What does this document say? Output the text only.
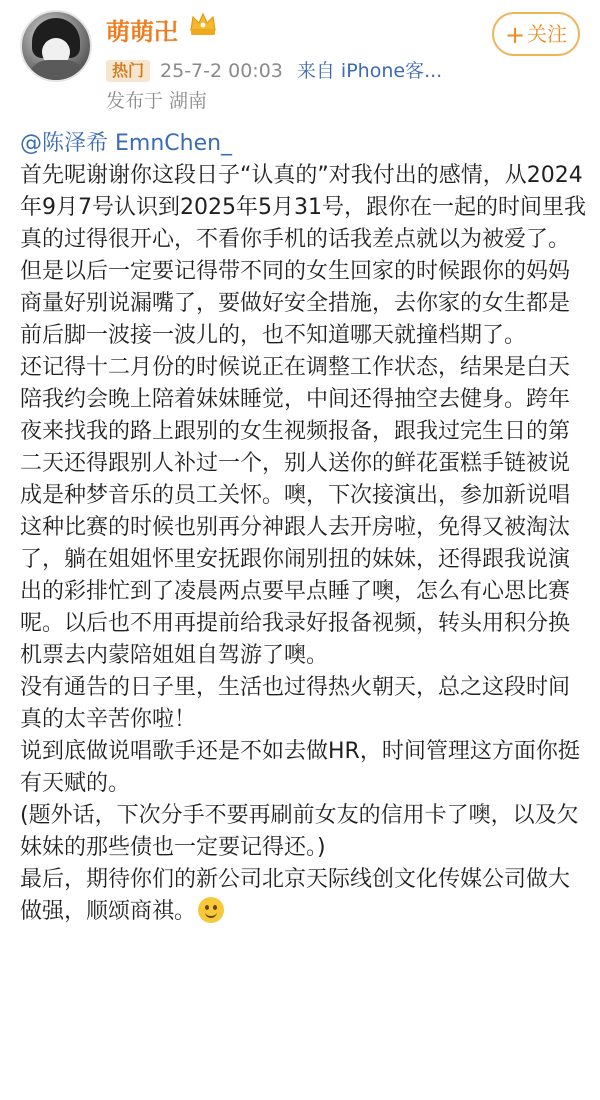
萌萌卍	+ 关注
热门 25-7-2 00:03 来自 iPhone客...
发布于 湖南

@陈泽希 EmnChen_

首先呢谢谢你这段日子“认真的”对我付出的感情，从2024年9月7号认识到2025年5月31号，跟你在一起的时间里我真的过得很开心，不看你手机的话我差点就以为被爱了。

但是以后一定要记得带不同的女生回家的时候跟你的妈妈商量好别说漏嘴了，要做好安全措施，去你家的女生都是前后脚一波接一波儿的，也不知道哪天就撞档期了。

还记得十二月份的时候说正在调整工作状态，结果是白天陪我约会晚上陪着妹妹睡觉，中间还得抽空去健身。跨年夜来找我的路上跟别的女生视频报备，跟我过完生日的第二天还得跟别人补过一个，别人送你的鲜花蛋糕手链被说成是种梦音乐的员工关怀。噢，下次接演出，参加新说唱这种比赛的时候也别再分神跟人去开房啦，免得又被淘汰了，躺在姐姐怀里安抚跟你闹别扭的妹妹，还得跟我说演出的彩排忙到了凌晨两点要早点睡了噢，怎么有心思比赛呢。以后也不用再提前给我录好报备视频，转头用积分换机票去内蒙陪姐姐自驾游了噢。

没有通告的日子里，生活也过得热火朝天，总之这段时间真的太辛苦你啦！

说到底做说唱歌手还是不如去做HR，时间管理这方面你挺有天赋的。

(题外话，下次分手不要再刷前女友的信用卡了噢，以及欠妹妹的那些债也一定要记得还。)

最后，期待你们的新公司北京天际线创文化传媒公司做大做强，顺颂商祺。
